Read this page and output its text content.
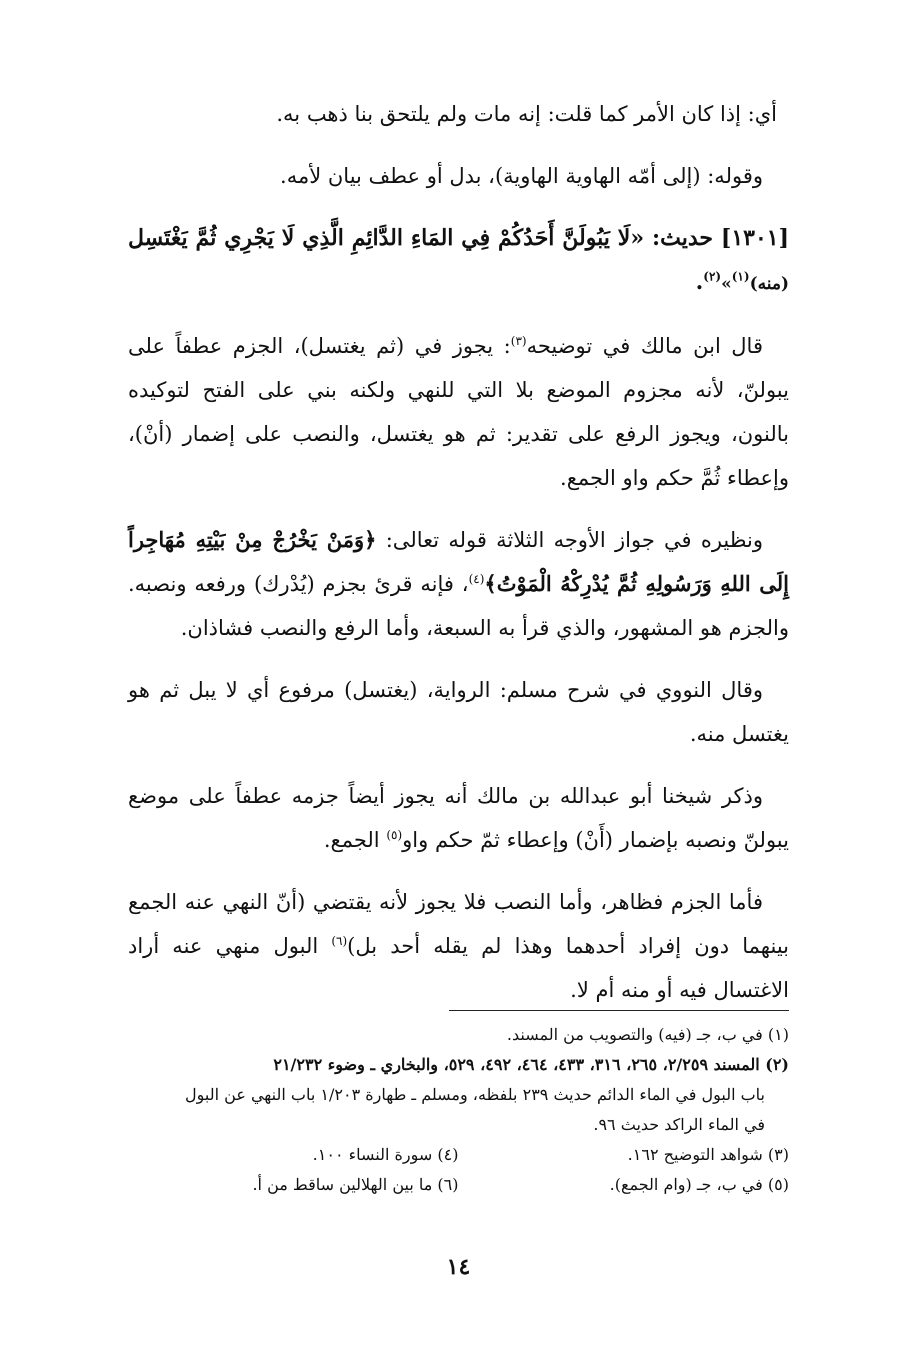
أي: إذا كان الأمر كما قلت: إنه مات ولم يلتحق بنا ذهب به.

وقوله: (إلى أمّه الهاوية الهاوية)، بدل أو عطف بيان لأمه.

[١٣٠١] حديث: «لَا يَبُولَنَّ أَحَدُكُمْ فِي المَاءِ الدَّائِمِ الَّذِي لَا يَجْرِي ثُمَّ يَغْتَسِل (منه)$^{(١)}$»$^{(٢)}$.

قال ابن مالك في توضيحه$^{(٣)}$: يجوز في (ثم يغتسل)، الجزم عطفاً على يبولنّ، لأنه مجزوم الموضع بلا التي للنهي ولكنه بني على الفتح لتوكيده بالنون، ويجوز الرفع على تقدير: ثم هو يغتسل، والنصب على إضمار (أنْ)، وإعطاء ثُمَّ حكم واو الجمع.

ونظيره في جواز الأوجه الثلاثة قوله تعالى: ﴿وَمَنْ يَخْرُجْ مِنْ بَيْتِهِ مُهَاجِراً إِلَى اللهِ وَرَسُولِهِ ثُمَّ يُدْرِكْهُ الْمَوْتُ﴾$^{(٤)}$، فإنه قرئ بجزم (يُدْرك) ورفعه ونصبه. والجزم هو المشهور، والذي قرأ به السبعة، وأما الرفع والنصب فشاذان.

وقال النووي في شرح مسلم: الرواية، (يغتسل) مرفوع أي لا يبل ثم هو يغتسل منه.

وذكر شيخنا أبو عبدالله بن مالك أنه يجوز أيضاً جزمه عطفاً على موضع يبولنّ ونصبه بإضمار (أَنْ) وإعطاء ثمّ حكم واو$^{(٥)}$ الجمع.

فأما الجزم فظاهر، وأما النصب فلا يجوز لأنه يقتضي (أنّ النهي عنه الجمع بينهما دون إفراد أحدهما وهذا لم يقله أحد بل)$^{(٦)}$ البول منهي عنه أراد الاغتسال فيه أو منه أم لا.

(١) في ب، جـ (فيه) والتصويب من المسند.

(٢) المسند ٢/٢٥٩، ٢٦٥، ٣١٦، ٤٣٣، ٤٦٤، ٤٩٢، ٥٢٩، والبخاري ـ وضوء ٢١/٢٣٢

باب البول في الماء الدائم حديث ٢٣٩ بلفظه، ومسلم ـ طهارة ١/٢٠٣ باب النهي عن البول

في الماء الراكد حديث ٩٦.

(٣) شواهد التوضيح ١٦٢.
(٤) سورة النساء ١٠٠.
(٥) في ب، جـ (وام الجمع).
(٦) ما بين الهلالين ساقط من أ.
١٤
